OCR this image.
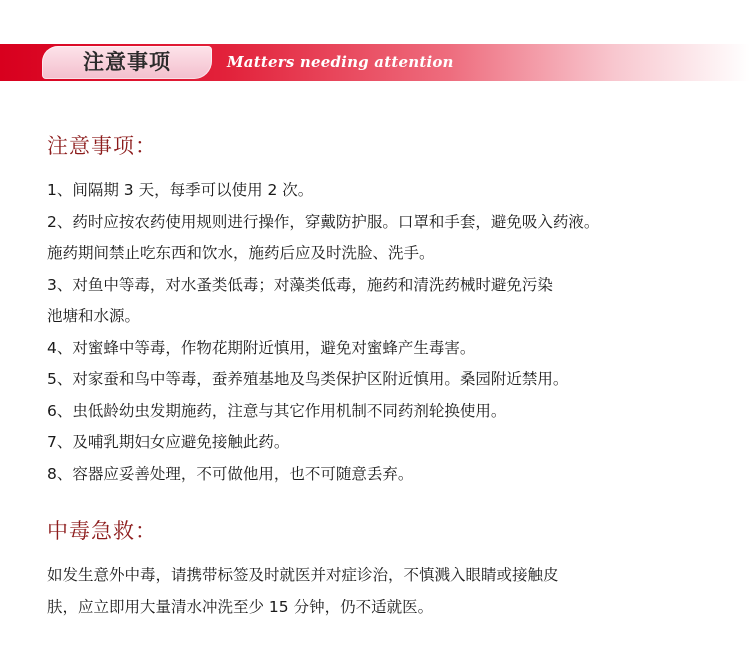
注意事项	Matters needing attention
注意事项：
1、间隔期 3 天，每季可以使用 2 次。
2、药时应按农药使用规则进行操作，穿戴防护服。口罩和手套，避免吸入药液。
施药期间禁止吃东西和饮水，施药后应及时洗脸、洗手。
3、对鱼中等毒，对水蚤类低毒；对藻类低毒，施药和清洗药械时避免污染
池塘和水源。
4、对蜜蜂中等毒，作物花期附近慎用，避免对蜜蜂产生毒害。
5、对家蚕和鸟中等毒，蚕养殖基地及鸟类保护区附近慎用。桑园附近禁用。
6、虫低龄幼虫发期施药，注意与其它作用机制不同药剂轮换使用。
7、及哺乳期妇女应避免接触此药。
8、容器应妥善处理，不可做他用，也不可随意丢弃。
中毒急救：
如发生意外中毒，请携带标签及时就医并对症诊治，不慎溅入眼睛或接触皮
肤，应立即用大量清水冲洗至少 15 分钟，仍不适就医。
